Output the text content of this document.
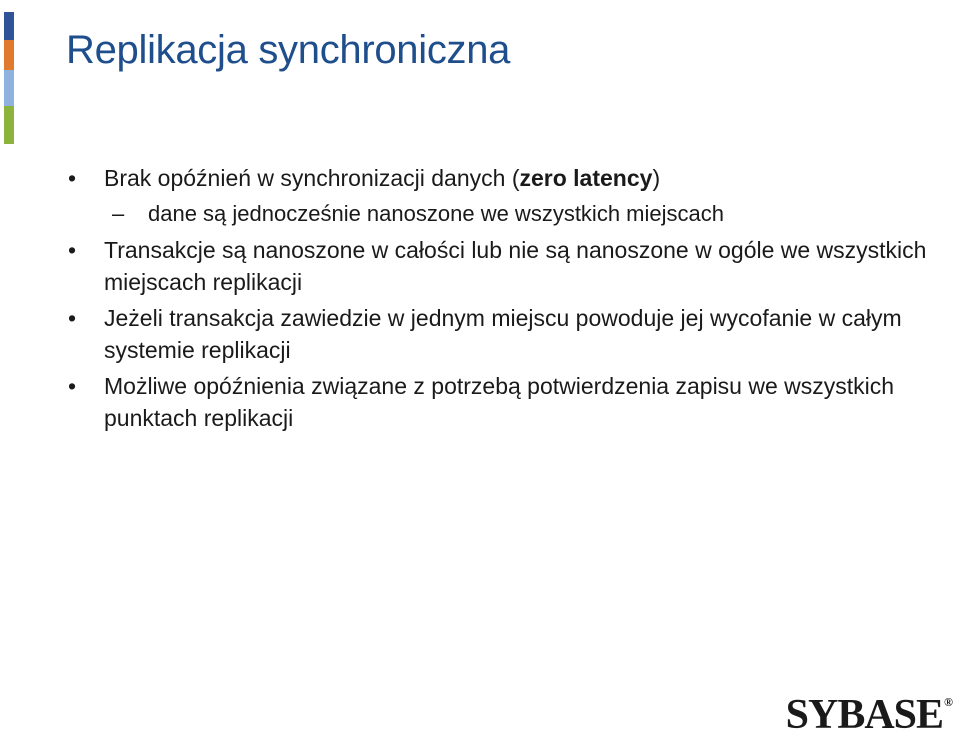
Replikacja synchroniczna
• Brak opóźnień w synchronizacji danych (zero latency)
– dane są jednocześnie nanoszone we wszystkich miejscach
• Transakcje są nanoszone w całości lub nie są nanoszone w ogóle we wszystkich miejscach replikacji
• Jeżeli transakcja zawiedzie w jednym miejscu powoduje jej wycofanie w całym systemie replikacji
• Możliwe opóźnienia związane z potrzebą potwierdzenia zapisu we wszystkich punktach replikacji
SYBASE®
